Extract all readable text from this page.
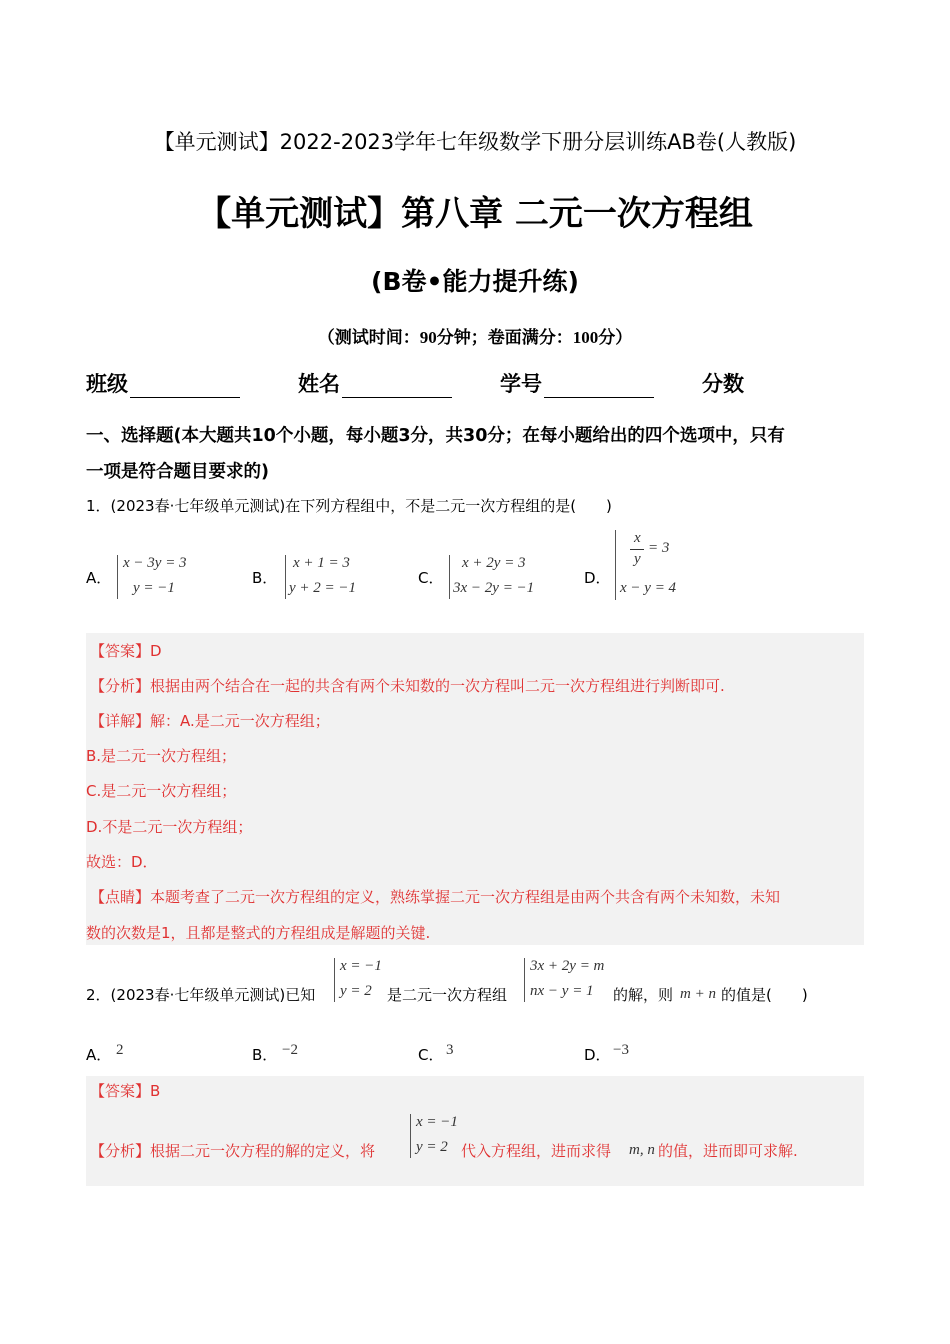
【单元测试】2022-2023学年七年级数学下册分层训练AB卷(人教版)
【单元测试】第八章 二元一次方程组
(B卷•能力提升练)
（测试时间：90分钟；卷面满分：100分）
班级	姓名	学号	分数
一、选择题(本大题共10个小题，每小题3分，共30分；在每小题给出的四个选项中，只有
一项是符合题目要求的)
1．(2023春·七年级单元测试)在下列方程组中，不是二元一次方程组的是(　　)
A．
x − 3y = 3
y = −1
B．
x + 1 = 3
y + 2 = −1
C．
x + 2y = 3
3x − 2y = −1
D．
x
y
= 3
x − y = 4
【答案】D
【分析】根据由两个结合在一起的共含有两个未知数的一次方程叫二元一次方程组进行判断即可.
【详解】解：A.是二元一次方程组；
B.是二元一次方程组；
C.是二元一次方程组；
D.不是二元一次方程组；
故选：D．
【点睛】本题考查了二元一次方程组的定义，熟练掌握二元一次方程组是由两个共含有两个未知数，未知
数的次数是1，且都是整式的方程组成是解题的关键.
2．(2023春·七年级单元测试)已知
x = −1
y = 2 是二元一次方程组
3x + 2y = m
nx − y = 1 的解，则 m + n 的值是(　　)
A． 2	B． −2	C． 3	D． −3
【答案】B
【分析】根据二元一次方程的解的定义，将
x = −1
y = 2 代入方程组，进而求得 m, n 的值，进而即可求解.
